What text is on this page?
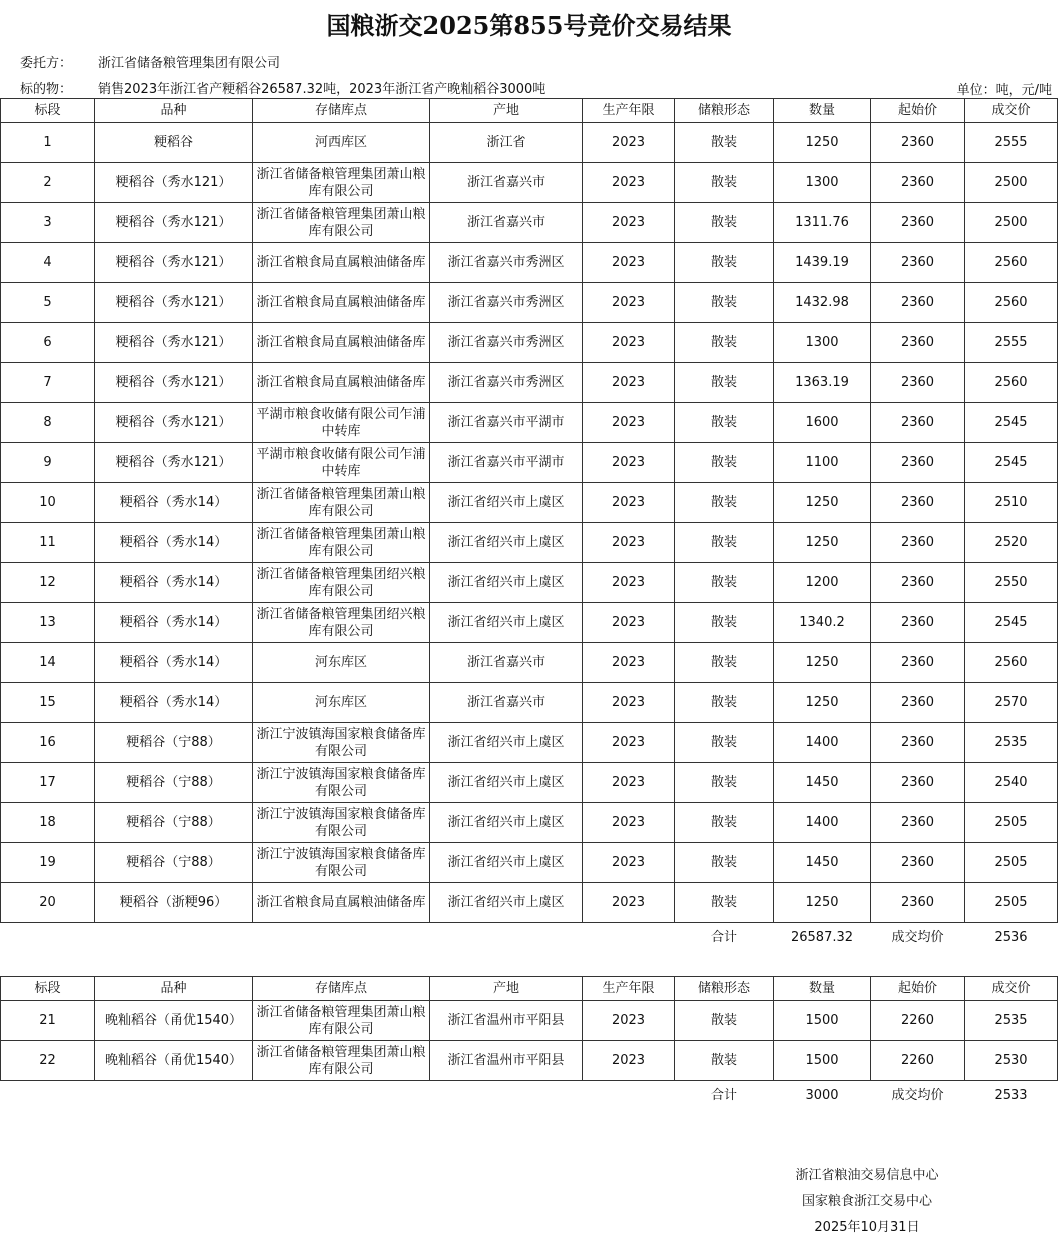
国粮浙交2025第855号竞价交易结果
委托方： 浙江省储备粮管理集团有限公司
标的物： 销售2023年浙江省产粳稻谷26587.32吨，2023年浙江省产晚籼稻谷3000吨	单位：吨，元/吨
标段	品种	存储库点	产地	生产年限	储粮形态	数量	起始价	成交价
1	粳稻谷	河西库区	浙江省	2023	散装	1250	2360	2555
2	粳稻谷（秀水121）	浙江省储备粮管理集团萧山粮库有限公司	浙江省嘉兴市	2023	散装	1300	2360	2500
3	粳稻谷（秀水121）	浙江省储备粮管理集团萧山粮库有限公司	浙江省嘉兴市	2023	散装	1311.76	2360	2500
4	粳稻谷（秀水121）	浙江省粮食局直属粮油储备库	浙江省嘉兴市秀洲区	2023	散装	1439.19	2360	2560
5	粳稻谷（秀水121）	浙江省粮食局直属粮油储备库	浙江省嘉兴市秀洲区	2023	散装	1432.98	2360	2560
6	粳稻谷（秀水121）	浙江省粮食局直属粮油储备库	浙江省嘉兴市秀洲区	2023	散装	1300	2360	2555
7	粳稻谷（秀水121）	浙江省粮食局直属粮油储备库	浙江省嘉兴市秀洲区	2023	散装	1363.19	2360	2560
8	粳稻谷（秀水121）	平湖市粮食收储有限公司乍浦中转库	浙江省嘉兴市平湖市	2023	散装	1600	2360	2545
9	粳稻谷（秀水121）	平湖市粮食收储有限公司乍浦中转库	浙江省嘉兴市平湖市	2023	散装	1100	2360	2545
10	粳稻谷（秀水14）	浙江省储备粮管理集团萧山粮库有限公司	浙江省绍兴市上虞区	2023	散装	1250	2360	2510
11	粳稻谷（秀水14）	浙江省储备粮管理集团萧山粮库有限公司	浙江省绍兴市上虞区	2023	散装	1250	2360	2520
12	粳稻谷（秀水14）	浙江省储备粮管理集团绍兴粮库有限公司	浙江省绍兴市上虞区	2023	散装	1200	2360	2550
13	粳稻谷（秀水14）	浙江省储备粮管理集团绍兴粮库有限公司	浙江省绍兴市上虞区	2023	散装	1340.2	2360	2545
14	粳稻谷（秀水14）	河东库区	浙江省嘉兴市	2023	散装	1250	2360	2560
15	粳稻谷（秀水14）	河东库区	浙江省嘉兴市	2023	散装	1250	2360	2570
16	粳稻谷（宁88）	浙江宁波镇海国家粮食储备库有限公司	浙江省绍兴市上虞区	2023	散装	1400	2360	2535
17	粳稻谷（宁88）	浙江宁波镇海国家粮食储备库有限公司	浙江省绍兴市上虞区	2023	散装	1450	2360	2540
18	粳稻谷（宁88）	浙江宁波镇海国家粮食储备库有限公司	浙江省绍兴市上虞区	2023	散装	1400	2360	2505
19	粳稻谷（宁88）	浙江宁波镇海国家粮食储备库有限公司	浙江省绍兴市上虞区	2023	散装	1450	2360	2505
20	粳稻谷（浙粳96）	浙江省粮食局直属粮油储备库	浙江省绍兴市上虞区	2023	散装	1250	2360	2505
					合计	26587.32	成交均价	2536
标段	品种	存储库点	产地	生产年限	储粮形态	数量	起始价	成交价
21	晚籼稻谷（甬优1540）	浙江省储备粮管理集团萧山粮库有限公司	浙江省温州市平阳县	2023	散装	1500	2260	2535
22	晚籼稻谷（甬优1540）	浙江省储备粮管理集团萧山粮库有限公司	浙江省温州市平阳县	2023	散装	1500	2260	2530
					合计	3000	成交均价	2533
浙江省粮油交易信息中心
国家粮食浙江交易中心
2025年10月31日
